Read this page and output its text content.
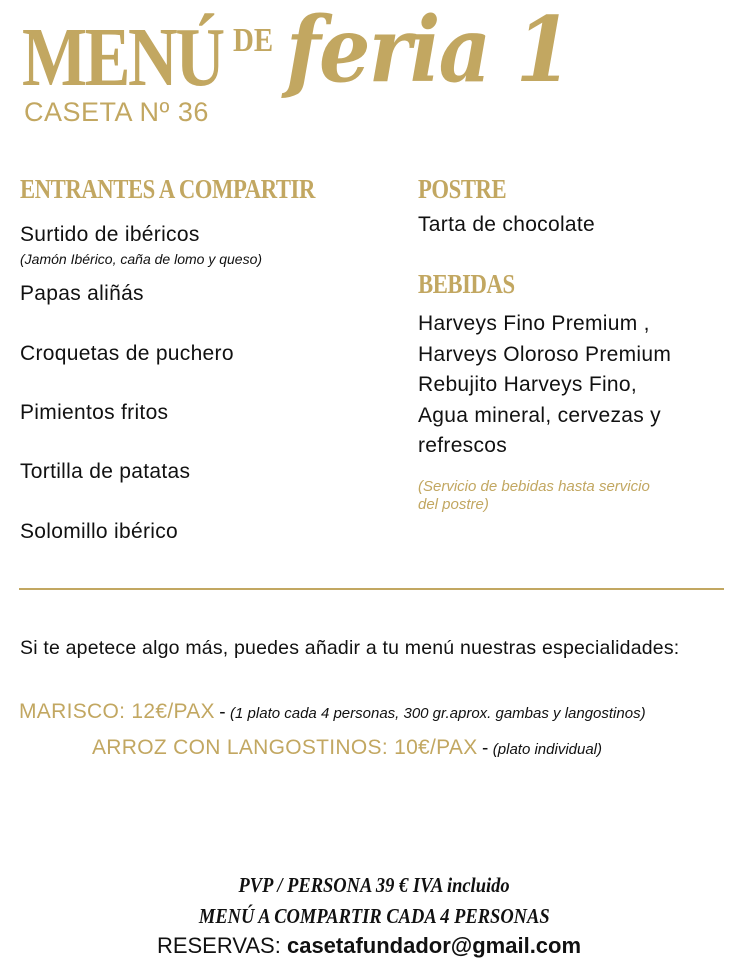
MENÚ DE feria 1
CASETA Nº 36
ENTRANTES A COMPARTIR
Surtido de ibéricos
(Jamón Ibérico, caña de lomo y queso)
Papas aliñás
Croquetas de puchero
Pimientos fritos
Tortilla de patatas
Solomillo ibérico
POSTRE
Tarta de chocolate
BEBIDAS
Harveys Fino Premium ,
Harveys Oloroso Premium
Rebujito Harveys Fino,
Agua mineral, cervezas y
refrescos
(Servicio de bebidas hasta servicio
del postre)
Si te apetece algo más, puedes añadir a tu menú nuestras especialidades:
MARISCO: 12€/PAX - (1 plato cada 4 personas, 300 gr.aprox. gambas y langostinos)
ARROZ CON LANGOSTINOS: 10€/PAX - (plato individual)
PVP / PERSONA 39 € IVA incluido
MENÚ A COMPARTIR CADA 4 PERSONAS
RESERVAS: casetafundador@gmail.com
